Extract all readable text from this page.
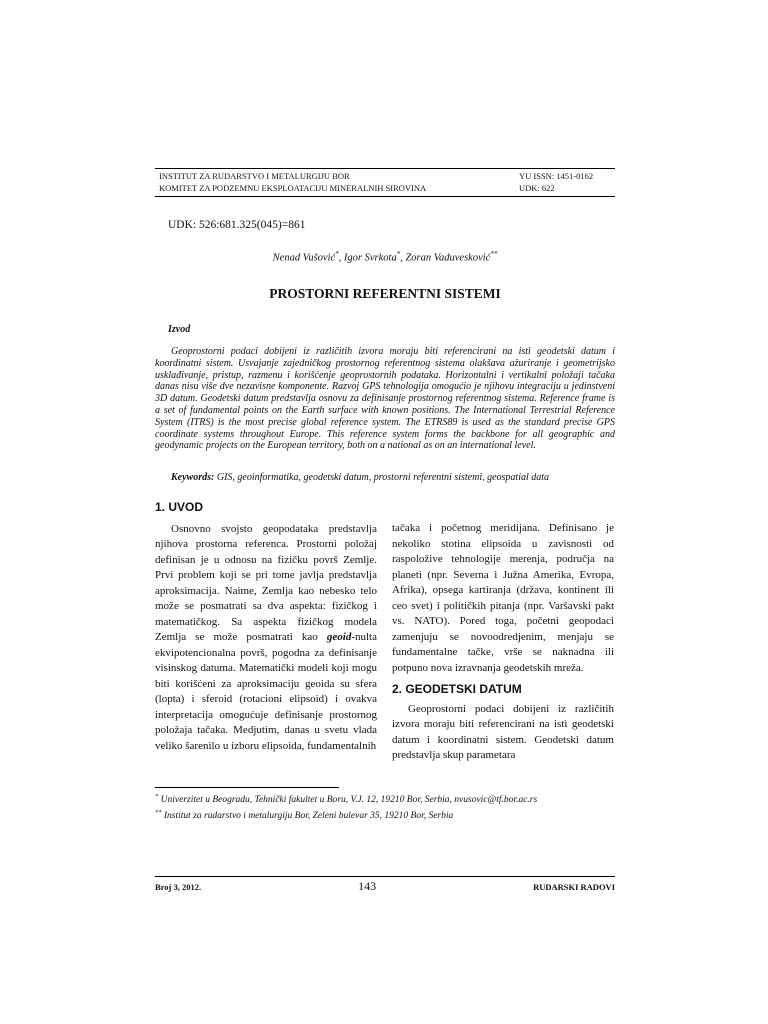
INSTITUT ZA RUDARSTVO I METALURGIJU BOR	YU ISSN: 1451-0162
KOMITET ZA PODZEMNU EKSPLOATACIJU MINERALNIH SIROVINA	UDK: 622
UDK: 526:681.325(045)=861
Nenad Vušović*, Igor Svrkota*, Zoran Vaduvesković**
PROSTORNI REFERENTNI SISTEMI
Izvod

Geoprostorni podaci dobijeni iz različitih izvora moraju biti referencirani na isti geodetski datum i koordinatni sistem. Usvajanje zajedničkog prostornog referentnog sistema olakšava ažuriranje i geometrijsko usklađivanje, pristup, razmenu i korišćenje geoprostornih podataka. Horizontalni i vertikalni položaji tačaka danas nisu više dve nezavisne komponente. Razvoj GPS tehnologija omogućio je njihovu integraciju u jedinstveni 3D datum. Geodetski datum predstavlja osnovu za definisanje prostornog referentnog sistema. Reference frame is a set of fundamental points on the Earth surface with known positions. The International Terrestrial Reference System (ITRS) is the most precise global reference system. The ETRS89 is used as the standard precise GPS coordinate systems throughout Europe. This reference system forms the backbone for all geographic and geodynamic projects on the European territory, both on a national as on an international level.

Keywords: GIS, geoinformatika, geodetski datum, prostorni referentni sistemi, geospatial data

1. UVOD

Osnovno svojsto geopodataka predstavlja njihova prostorna referenca. Prostorni položaj definisan je u odnosu na fizičku površ Zemlje. Prvi problem koji se pri tome javlja predstavlja aproksimacija. Naime, Zemlja kao nebesko telo može se posmatrati sa dva aspekta: fizičkog i matematičkog. Sa aspekta fizičkog modela Zemlja se može posmatrati kao geoid-nulta ekvipotencionalna površ, pogodna za definisanje visinskog datuma. Matematički modeli koji mogu biti korišćeni za aproksimaciju geoida su sfera (lopta) i sferoid (rotacioni elipsoid) i ovakva interpretacija omogućuje definisanje prostornog položaja tačaka. Medjutim, danas u svetu vlada veliko šarenilo u izboru elipsoida, fundamentalnih

tačaka i početnog meridijana. Definisano je nekoliko stotina elipsoida u zavisnosti od raspoložive tehnologije merenja, područja na planeti (npr. Severna i Južna Amerika, Evropa, Afrika), opsega kartiranja (država, kontinent ili ceo svet) i političkih pitanja (npr. Varšavski pakt vs. NATO). Pored toga, početni geopodaci zamenjuju se novoodredjenim, menjaju se fundamentalne tačke, vrše se naknadna ili potpuno nova izravnanja geodetskih mreža.

2. GEODETSKI DATUM

Geoprostorni podaci dobijeni iz različitih izvora moraju biti referencirani na isti geodetski datum i koordinatni sistem. Geodetski datum predstavlja skup parametara

* Univerzitet u Beogradu, Tehnički fakultet u Boru, V.J. 12, 19210 Bor, Serbia, nvusovic@tf.bor.ac.rs
** Institut za rudarstvo i metalurgiju Bor, Zeleni bulevar 35, 19210 Bor, Serbia
Broj 3, 2012.	143	RUDARSKI RADOVI
